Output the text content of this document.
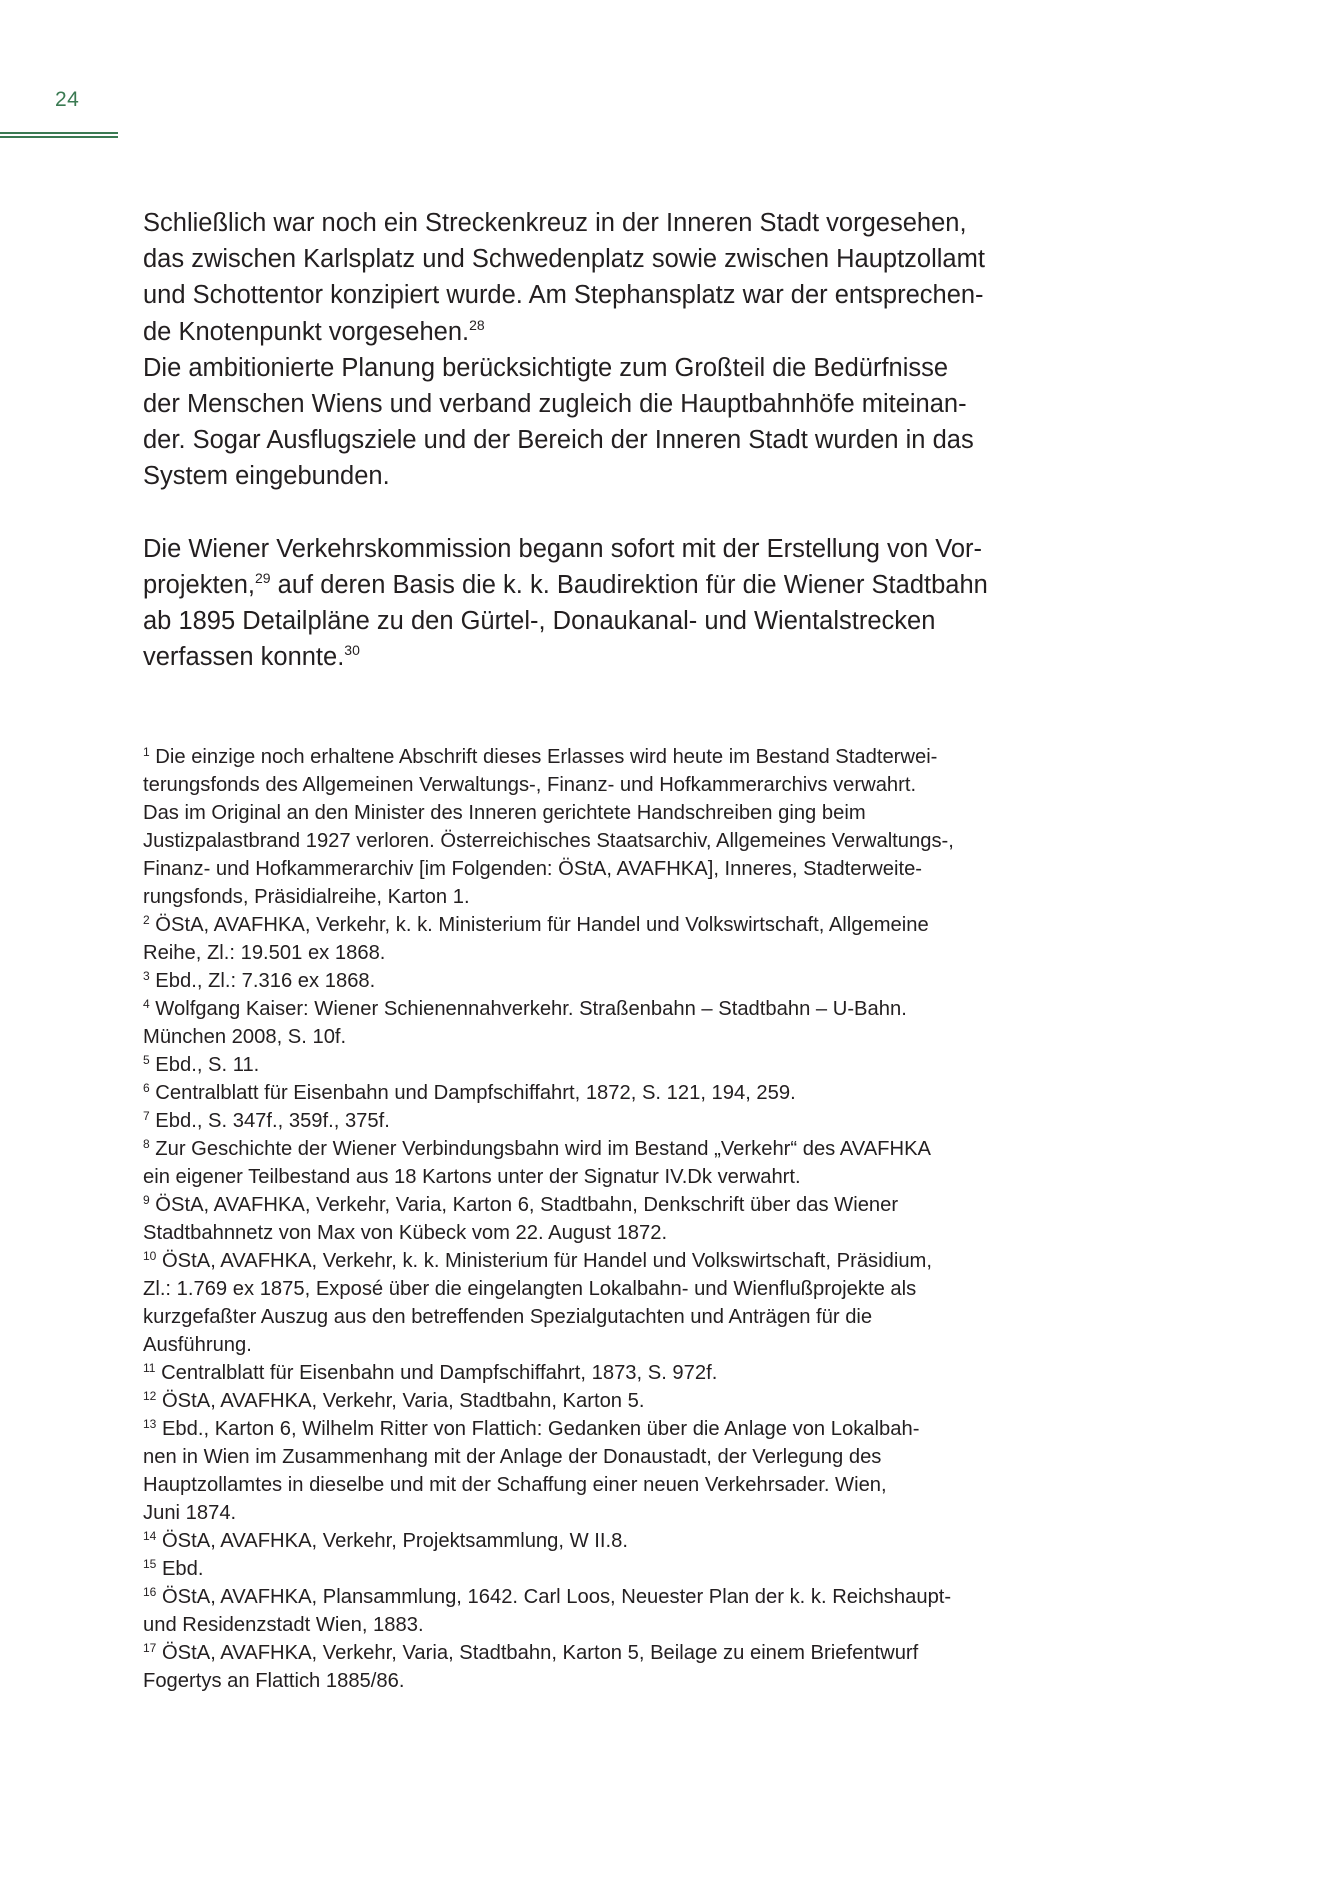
24

Schließlich war noch ein Streckenkreuz in der Inneren Stadt vorgesehen,

das zwischen Karlsplatz und Schwedenplatz sowie zwischen Hauptzollamt

und Schottentor konzipiert wurde. Am Stephansplatz war der entsprechen-

de Knotenpunkt vorgesehen.$^{28}$

Die ambitionierte Planung berücksichtigte zum Großteil die Bedürfnisse

der Menschen Wiens und verband zugleich die Hauptbahnhöfe miteinan-

der. Sogar Ausflugsziele und der Bereich der Inneren Stadt wurden in das

System eingebunden.

Die Wiener Verkehrskommission begann sofort mit der Erstellung von Vor-

projekten,$^{29}$ auf deren Basis die k. k. Baudirektion für die Wiener Stadtbahn

ab 1895 Detailpläne zu den Gürtel-, Donaukanal- und Wientalstrecken

verfassen konnte.$^{30}$

$^1$ Die einzige noch erhaltene Abschrift dieses Erlasses wird heute im Bestand Stadterwei-

terungsfonds des Allgemeinen Verwaltungs-, Finanz- und Hofkammerarchivs verwahrt.

Das im Original an den Minister des Inneren gerichtete Handschreiben ging beim

Justizpalastbrand 1927 verloren. Österreichisches Staatsarchiv, Allgemeines Verwaltungs-,

Finanz- und Hofkammerarchiv [im Folgenden: ÖStA, AVAFHKA], Inneres, Stadterweite-

rungsfonds, Präsidialreihe, Karton 1.

$^2$ ÖStA, AVAFHKA, Verkehr, k. k. Ministerium für Handel und Volkswirtschaft, Allgemeine

Reihe, Zl.: 19.501 ex 1868.

$^3$ Ebd., Zl.: 7.316 ex 1868.

$^4$ Wolfgang Kaiser: Wiener Schienennahverkehr. Straßenbahn – Stadtbahn – U-Bahn.

München 2008, S. 10f.

$^5$ Ebd., S. 11.

$^6$ Centralblatt für Eisenbahn und Dampfschiffahrt, 1872, S. 121, 194, 259.

$^7$ Ebd., S. 347f., 359f., 375f.

$^8$ Zur Geschichte der Wiener Verbindungsbahn wird im Bestand „Verkehr“ des AVAFHKA

ein eigener Teilbestand aus 18 Kartons unter der Signatur IV.Dk verwahrt.

$^9$ ÖStA, AVAFHKA, Verkehr, Varia, Karton 6, Stadtbahn, Denkschrift über das Wiener

Stadtbahnnetz von Max von Kübeck vom 22. August 1872.

$^{10}$ ÖStA, AVAFHKA, Verkehr, k. k. Ministerium für Handel und Volkswirtschaft, Präsidium,

Zl.: 1.769 ex 1875, Exposé über die eingelangten Lokalbahn- und Wienflußprojekte als

kurzgefaßter Auszug aus den betreffenden Spezialgutachten und Anträgen für die

Ausführung.

$^{11}$ Centralblatt für Eisenbahn und Dampfschiffahrt, 1873, S. 972f.

$^{12}$ ÖStA, AVAFHKA, Verkehr, Varia, Stadtbahn, Karton 5.

$^{13}$ Ebd., Karton 6, Wilhelm Ritter von Flattich: Gedanken über die Anlage von Lokalbah-

nen in Wien im Zusammenhang mit der Anlage der Donaustadt, der Verlegung des

Hauptzollamtes in dieselbe und mit der Schaffung einer neuen Verkehrsader. Wien,

Juni 1874.

$^{14}$ ÖStA, AVAFHKA, Verkehr, Projektsammlung, W II.8.

$^{15}$ Ebd.

$^{16}$ ÖStA, AVAFHKA, Plansammlung, 1642. Carl Loos, Neuester Plan der k. k. Reichshaupt-

und Residenzstadt Wien, 1883.

$^{17}$ ÖStA, AVAFHKA, Verkehr, Varia, Stadtbahn, Karton 5, Beilage zu einem Briefentwurf

Fogertys an Flattich 1885/86.
